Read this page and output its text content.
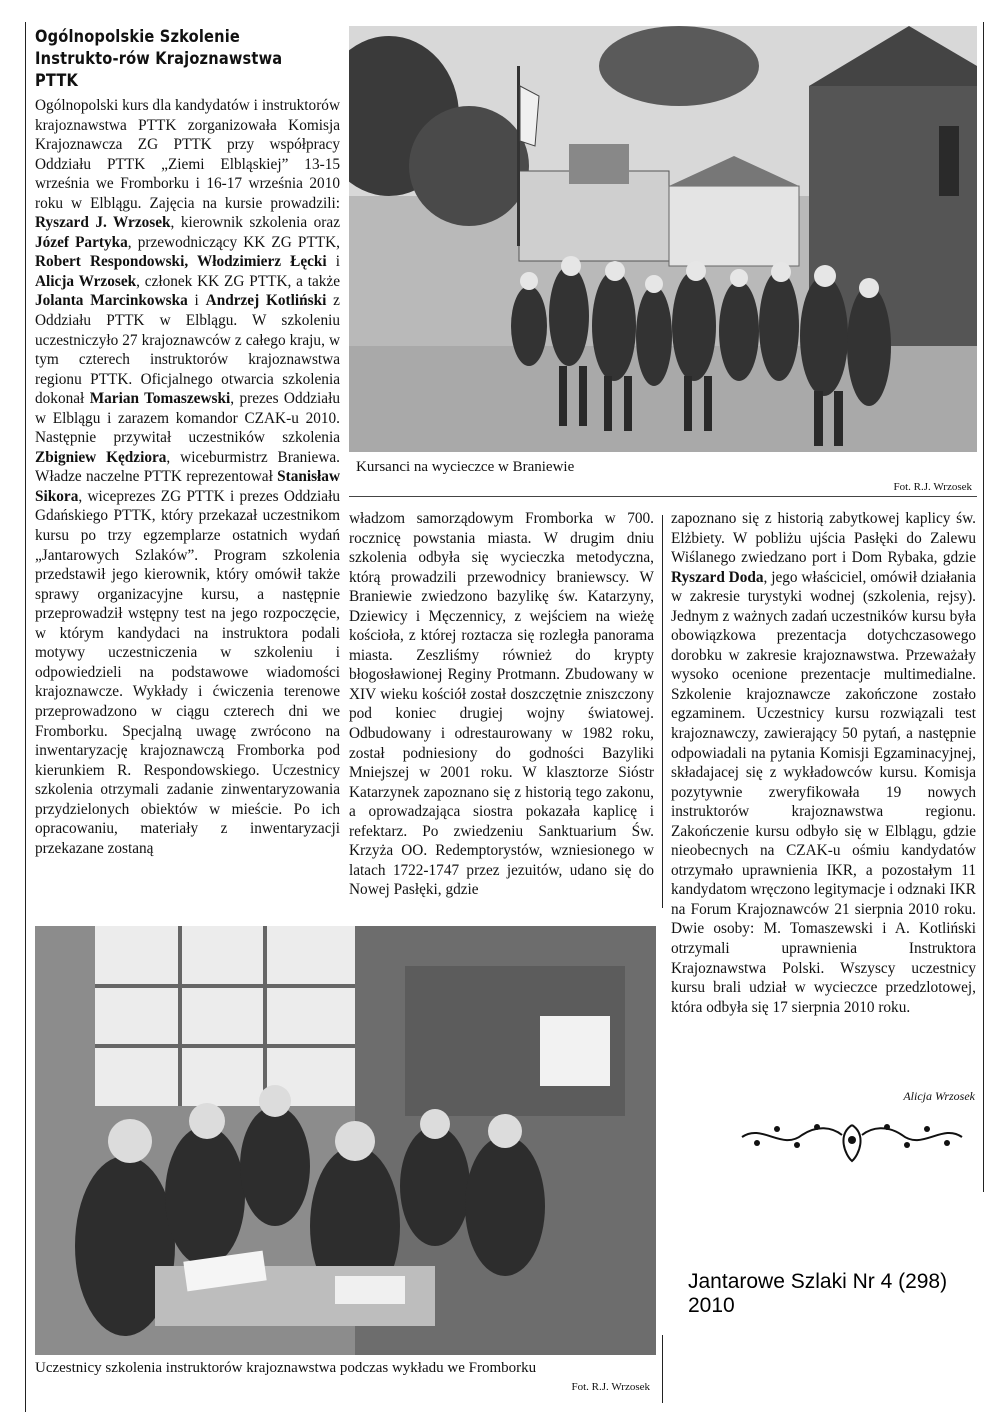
Ogólnopolskie Szkolenie Instrukto-rów Krajoznawstwa PTTK

Ogólnopolski kurs dla kandydatów i instruktorów krajoznawstwa PTTK zorganizowała Komisja Krajoznawcza ZG PTTK przy współpracy Oddziału PTTK „Ziemi Elbląskiej” 13-15 września we Fromborku i 16-17 września 2010 roku w Elblągu. Zajęcia na kursie prowadzili: Ryszard J. Wrzosek, kierownik szkolenia oraz Józef Partyka, przewodniczący KK ZG PTTK, Robert Respondowski, Włodzimierz Łęcki i Alicja Wrzosek, członek KK ZG PTTK, a także Jolanta Marcinkowska i Andrzej Kotliński z Oddziału PTTK w Elblągu. W szkoleniu uczestniczyło 27 krajoznawców z całego kraju, w tym czterech instruktorów krajoznawstwa regionu PTTK. Oficjalnego otwarcia szkolenia dokonał Marian Tomaszewski, prezes Oddziału w Elblągu i zarazem komandor CZAK-u 2010. Następnie przywitał uczestników szkolenia Zbigniew Kędziora, wiceburmistrz Braniewa. Władze naczelne PTTK reprezentował Stanisław Sikora, wiceprezes ZG PTTK i prezes Oddziału Gdańskiego PTTK, który przekazał uczestnikom kursu po trzy egzemplarze ostatnich wydań „Jantarowych Szlaków”. Program szkolenia przedstawił jego kierownik, który omówił także sprawy organizacyjne kursu, a następnie przeprowadził wstępny test na jego rozpoczęcie, w którym kandydaci na instruktora podali motywy uczestniczenia w szkoleniu i odpowiedzieli na podstawowe wiadomości krajoznawcze. Wykłady i ćwiczenia terenowe przeprowadzono w ciągu czterech dni we Fromborku. Specjalną uwagę zwrócono na inwentaryzację krajoznawczą Fromborka pod kierunkiem R. Respondowskiego. Uczestnicy szkolenia otrzymali zadanie zinwentaryzowania przydzielonych obiektów w mieście. Po ich opracowaniu, materiały z inwentaryzacji przekazane zostaną

Kursanci na wycieczce w Braniewie
Fot. R.J. Wrzosek
władzom samorządowym Fromborka w 700. rocznicę powstania miasta. W drugim dniu szkolenia odbyła się wycieczka metodyczna, którą prowadzili przewodnicy braniewscy. W Braniewie zwiedzono bazylikę św. Katarzyny, Dziewicy i Męczennicy, z wejściem na wieżę kościoła, z której roztacza się rozległa panorama miasta. Zeszliśmy również do krypty błogosławionej Reginy Protmann. Zbudowany w XIV wieku kościół został doszczętnie zniszczony pod koniec drugiej wojny światowej. Odbudowany i odrestaurowany w 1982 roku, został podniesiony do godności Bazyliki Mniejszej w 2001 roku. W klasztorze Sióstr Katarzynek zapoznano się z historią tego zakonu, a oprowadzająca siostra pokazała kaplicę i refektarz. Po zwiedzeniu Sanktuarium Św. Krzyża OO. Redemptorystów, wzniesionego w latach 1722-1747 przez jezuitów, udano się do Nowej Pasłęki, gdzie

zapoznano się z historią zabytkowej kaplicy św. Elżbiety. W pobliżu ujścia Pasłęki do Zalewu Wiślanego zwiedzano port i Dom Rybaka, gdzie Ryszard Doda, jego właściciel, omówił działania w zakresie turystyki wodnej (szkolenia, rejsy). Jednym z ważnych zadań uczestników kursu była obowiązkowa prezentacja dotychczasowego dorobku w zakresie krajoznawstwa. Przeważały wysoko ocenione prezentacje multimedialne. Szkolenie krajoznawcze zakończone zostało egzaminem. Uczestnicy kursu rozwiązali test krajoznawczy, zawierający 50 pytań, a następnie odpowiadali na pytania Komisji Egzaminacyjnej, składajacej się z wykładowców kursu. Komisja pozytywnie zweryfikowała 19 nowych instruktorów krajoznawstwa regionu. Zakończenie kursu odbyło się w Elblągu, gdzie nieobecnych na CZAK-u ośmiu kandydatów otrzymało uprawnienia IKR, a pozostałym 11 kandydatom wręczono legitymacje i odznaki IKR na Forum Krajoznawców 21 sierpnia 2010 roku. Dwie osoby: M. Tomaszewski i A. Kotliński otrzymali uprawnienia Instruktora Krajoznawstwa Polski. Wszyscy uczestnicy kursu brali udział w wycieczce przedzlotowej, która odbyła się 17 sierpnia 2010 roku.

Alicja Wrzosek
Uczestnicy szkolenia instruktorów krajoznawstwa podczas wykładu we Fromborku
Fot. R.J. Wrzosek
Jantarowe Szlaki Nr 4 (298)
2010
